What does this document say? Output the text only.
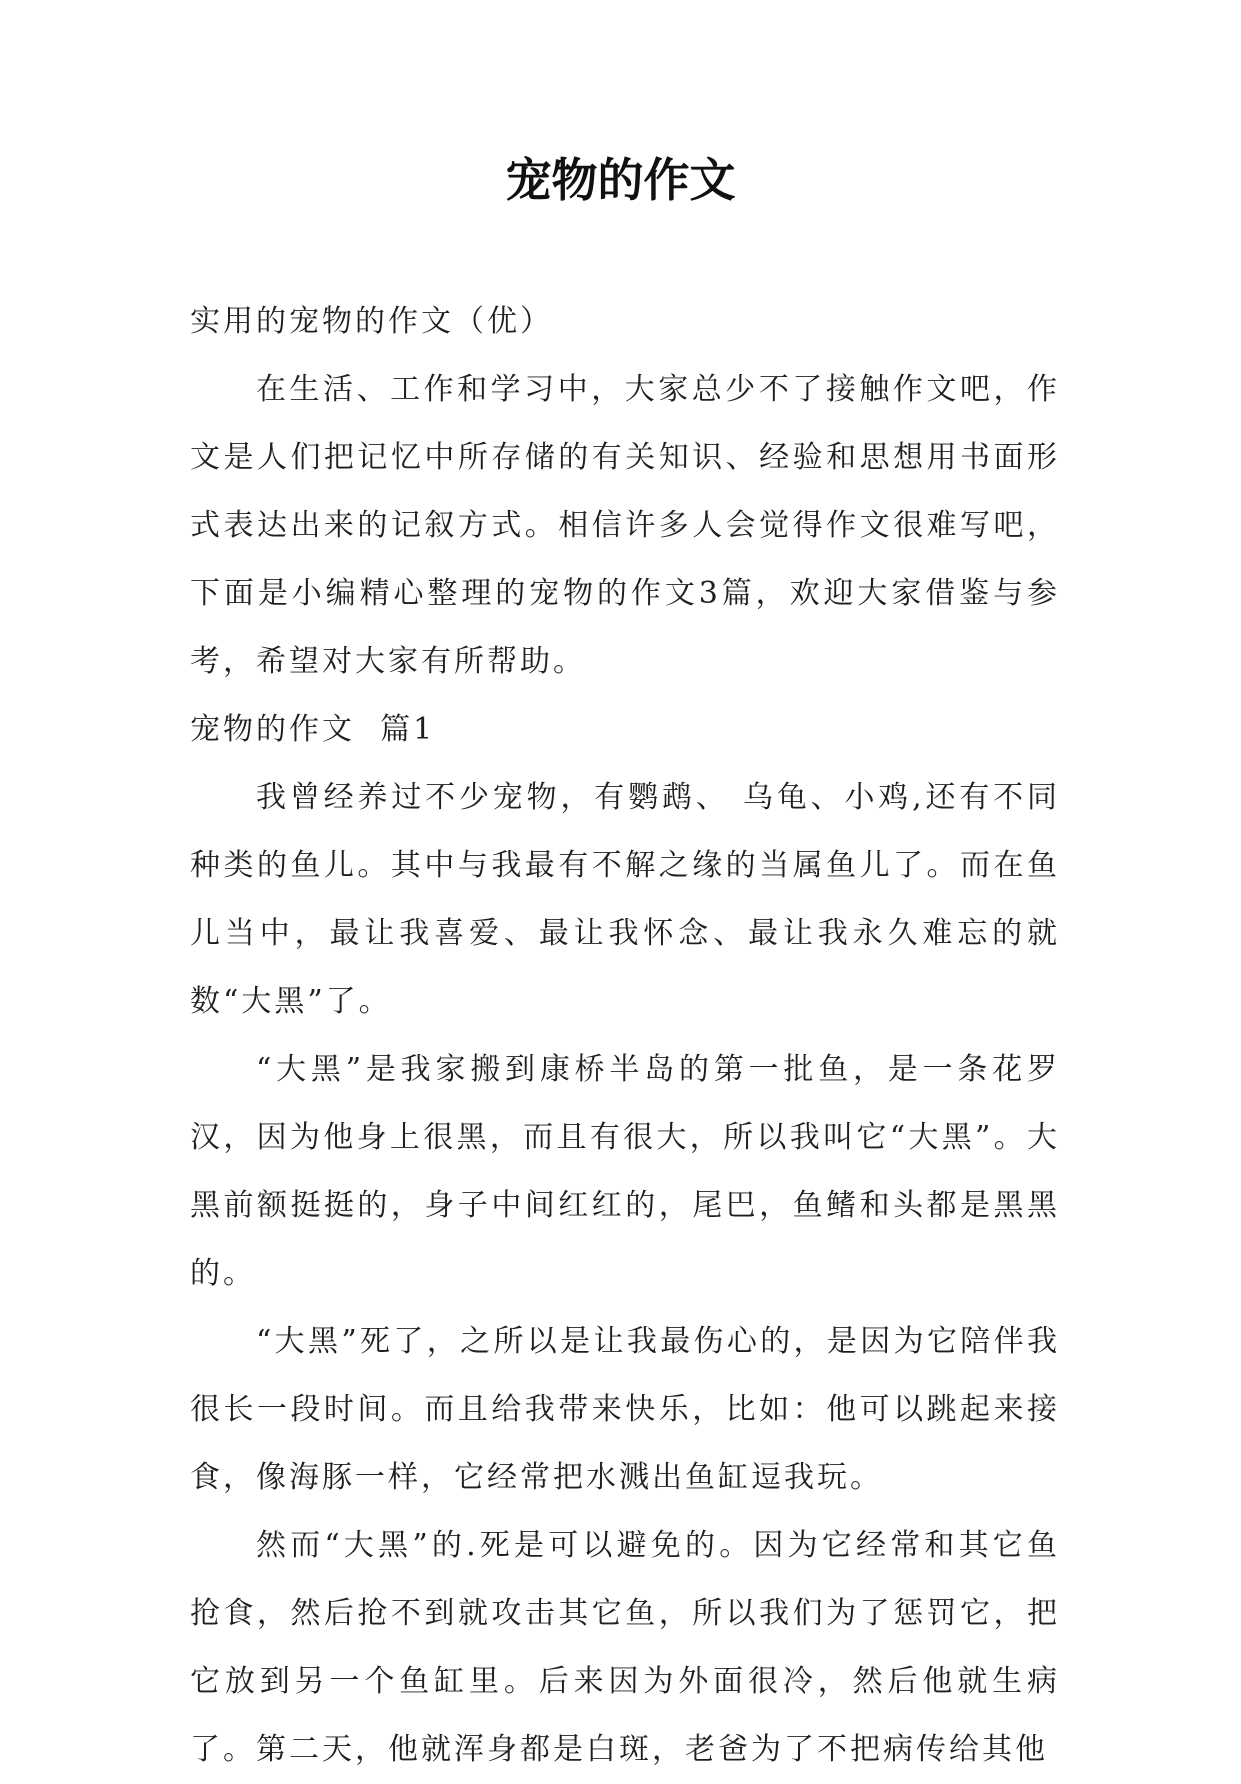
宠物的作文

实用的宠物的作文（优）

在生活、工作和学习中，大家总少不了接触作文吧，作文是人们把记忆中所存储的有关知识、经验和思想用书面形式表达出来的记叙方式。相信许多人会觉得作文很难写吧，下面是小编精心整理的宠物的作文3篇，欢迎大家借鉴与参考，希望对大家有所帮助。

宠物的作文  篇1

我曾经养过不少宠物，有鹦鹉、 乌龟、小鸡,还有不同种类的鱼儿。其中与我最有不解之缘的当属鱼儿了。而在鱼儿当中，最让我喜爱、最让我怀念、最让我永久难忘的就数“大黑”了。

“大黑”是我家搬到康桥半岛的第一批鱼，是一条花罗汉，因为他身上很黑，而且有很大，所以我叫它“大黑”。大黑前额挺挺的，身子中间红红的，尾巴，鱼鳍和头都是黑黑的。

“大黑”死了，之所以是让我最伤心的，是因为它陪伴我很长一段时间。而且给我带来快乐，比如：他可以跳起来接食，像海豚一样，它经常把水溅出鱼缸逗我玩。

然而“大黑”的.死是可以避免的。因为它经常和其它鱼抢食，然后抢不到就攻击其它鱼，所以我们为了惩罚它，把它放到另一个鱼缸里。后来因为外面很冷，然后他就生病了。第二天，他就浑身都是白斑，老爸为了不把病传给其他
